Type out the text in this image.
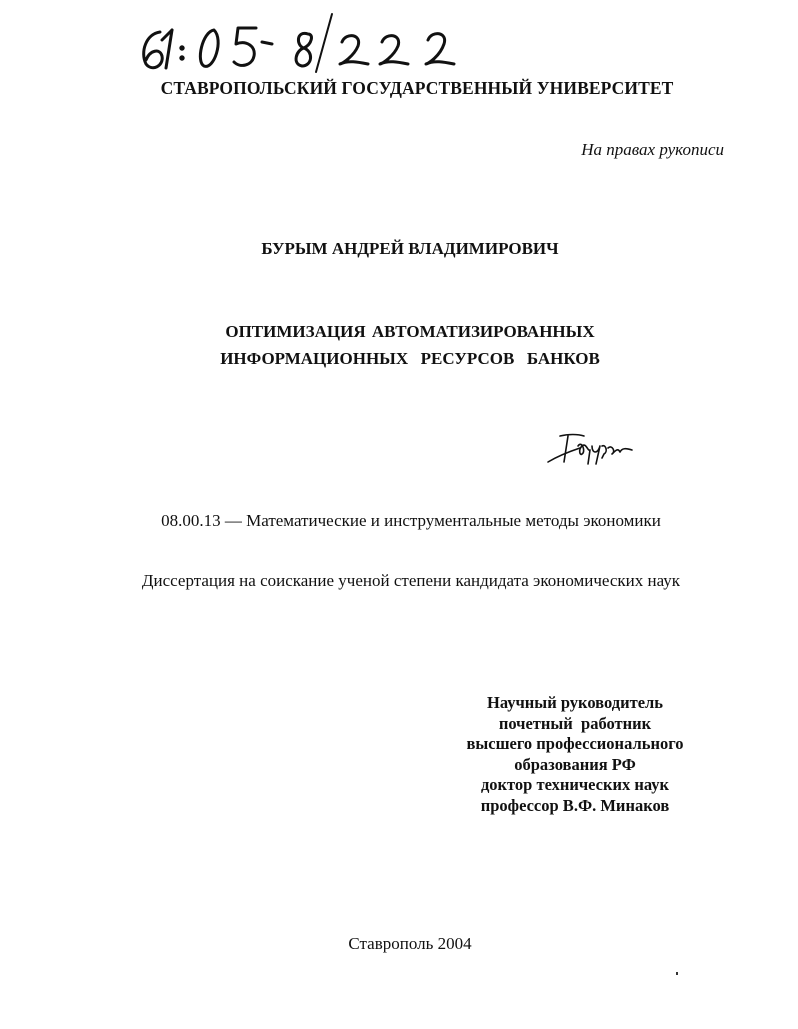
СТАВРОПОЛЬСКИЙ ГОСУДАРСТВЕННЫЙ УНИВЕРСИТЕТ
На правах рукописи
БУРЫМ АНДРЕЙ ВЛАДИМИРОВИЧ
ОПТИМИЗАЦИЯ АВТОМАТИЗИРОВАННЫХ
ИНФОРМАЦИОННЫХ  РЕСУРСОВ  БАНКОВ
08.00.13 — Математические и инструментальные методы экономики
Диссертация на соискание ученой степени кандидата экономических наук
Научный руководитель
почетный  работник
высшего профессионального
образования РФ
доктор технических наук
профессор В.Ф. Минаков
Ставрополь 2004
